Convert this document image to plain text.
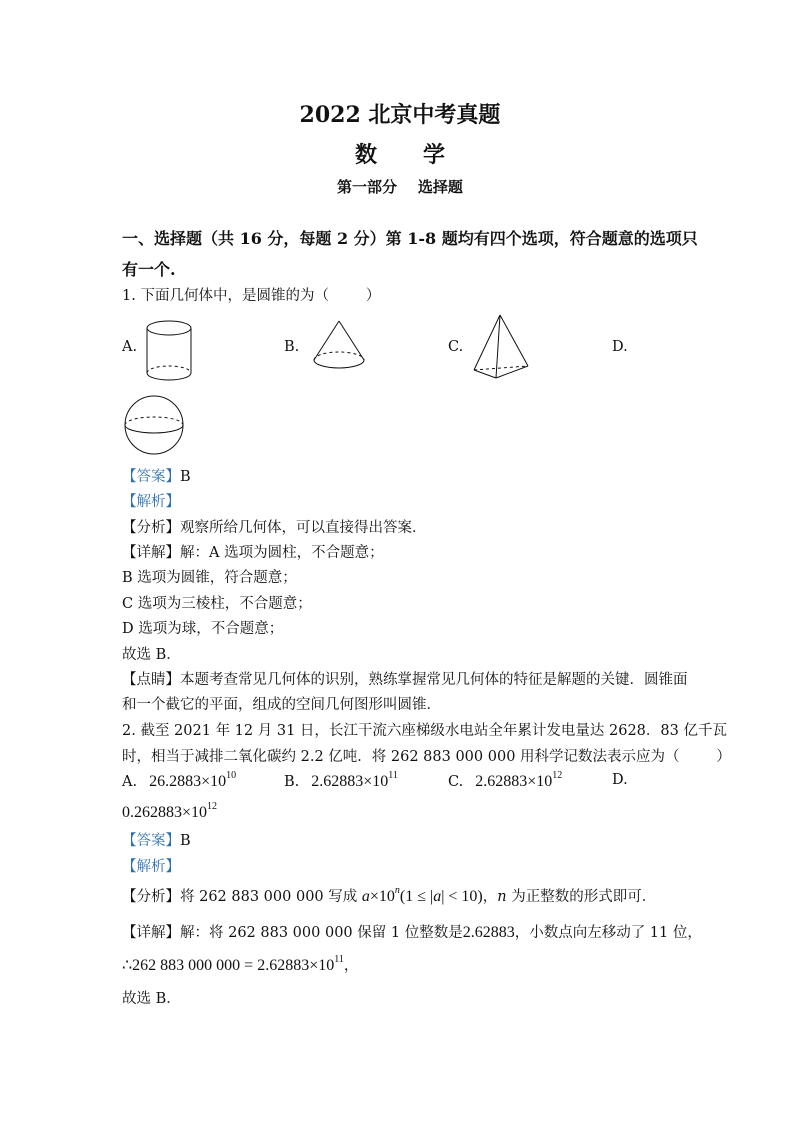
2022 北京中考真题
数      学
第一部分    选择题
一、选择题（共 16 分，每题 2 分）第 1-8 题均有四个选项，符合题意的选项只
有一个.
1. 下面几何体中，是圆锥的为（        ）
A.	B.	C.	D.
【答案】B
【解析】
【分析】观察所给几何体，可以直接得出答案．
【详解】解：A 选项为圆柱，不合题意；
B 选项为圆锥，符合题意；
C 选项为三棱柱，不合题意；
D 选项为球，不合题意；
故选 B．
【点睛】本题考查常见几何体的识别，熟练掌握常见几何体的特征是解题的关键．圆锥面
和一个截它的平面，组成的空间几何图形叫圆锥．
2. 截至 2021 年 12 月 31 日，长江干流六座梯级水电站全年累计发电量达 2628．83 亿千瓦
时，相当于减排二氧化碳约 2.2 亿吨．将 262 883 000 000 用科学记数法表示应为（        ）
A. $26.2883\times 10^{10}$	B. $2.62883\times 10^{11}$	C. $2.62883\times 10^{12}$	D.
$0.262883\times 10^{12}$
【答案】B
【解析】
【分析】将 262 883 000 000 写成 $a\times 10^n(1 \le |a| < 10)$，n 为正整数的形式即可．
【详解】解：将 262 883 000 000 保留 1 位整数是2.62883，小数点向左移动了 11 位，
∴262 883 000 $000 = 2.62883\times 10^{11}$，
故选 B．
